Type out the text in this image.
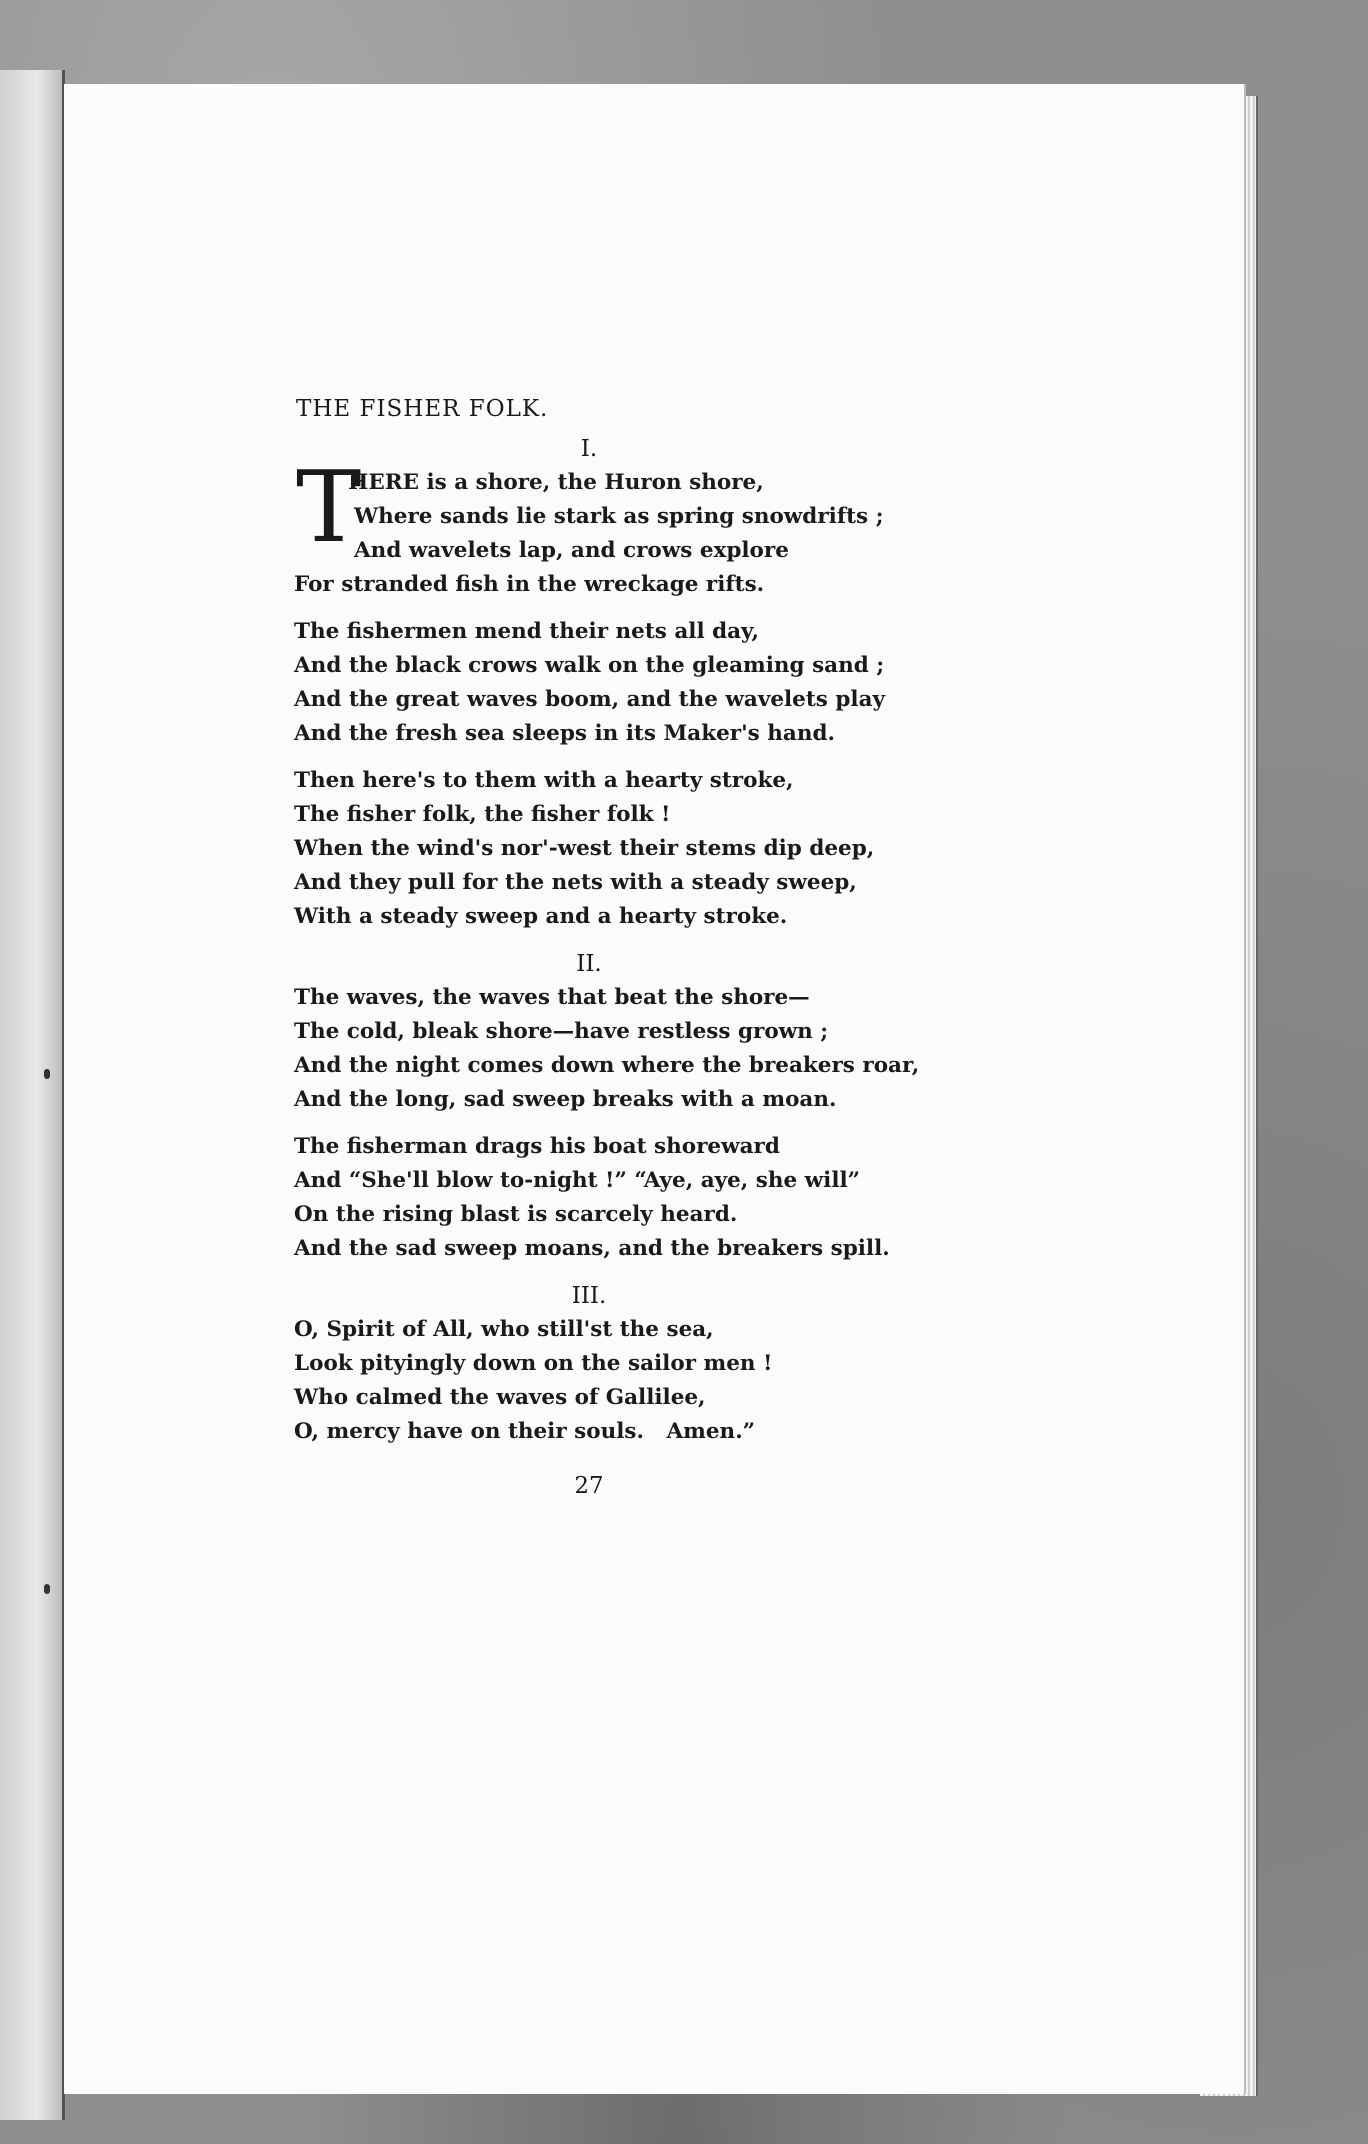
THE FISHER FOLK.
I.
T
HERE is a shore, the Huron shore,
Where sands lie stark as spring snowdrifts ;
And wavelets lap, and crows explore
For stranded fish in the wreckage rifts.
The fishermen mend their nets all day,
And the black crows walk on the gleaming sand ;
And the great waves boom, and the wavelets play
And the fresh sea sleeps in its Maker's hand.
Then here's to them with a hearty stroke,
The fisher folk, the fisher folk !
When the wind's nor'-west their stems dip deep,
And they pull for the nets with a steady sweep,
With a steady sweep and a hearty stroke.
II.
The waves, the waves that beat the shore—
The cold, bleak shore—have restless grown ;
And the night comes down where the breakers roar,
And the long, sad sweep breaks with a moan.
The fisherman drags his boat shoreward
And “She'll blow to-night !” “Aye, aye, she will”
On the rising blast is scarcely heard.
And the sad sweep moans, and the breakers spill.
III.
O, Spirit of All, who still'st the sea,
Look pityingly down on the sailor men !
Who calmed the waves of Gallilee,
O, mercy have on their souls.   Amen.”
27
